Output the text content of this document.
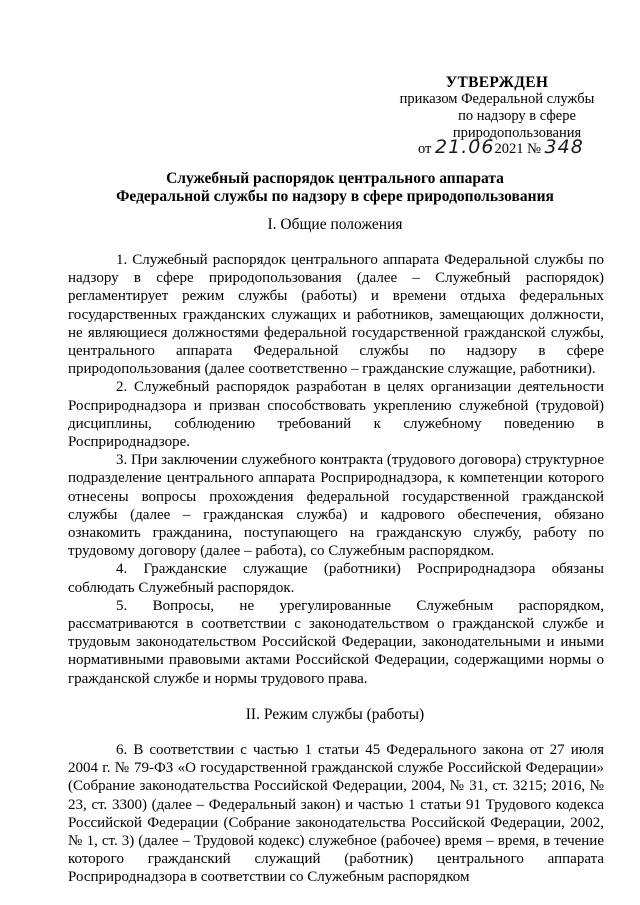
УТВЕРЖДЕН
приказом Федеральной службы
по надзору в сфере
природопользования
от 21.062021 № 348
Служебный распорядок центрального аппарата
Федеральной службы по надзору в сфере природопользования
I. Общие положения

1. Служебный распорядок центрального аппарата Федеральной службы по надзору в сфере природопользования (далее – Служебный распорядок) регламентирует режим службы (работы) и времени отдыха федеральных государственных гражданских служащих и работников, замещающих должности, не являющиеся должностями федеральной государственной гражданской службы, центрального аппарата Федеральной службы по надзору в сфере природопользования (далее соответственно – гражданские служащие, работники).

2. Служебный распорядок разработан в целях организации деятельности Росприроднадзора и призван способствовать укреплению служебной (трудовой) дисциплины, соблюдению требований к служебному поведению в Росприроднадзоре.

3. При заключении служебного контракта (трудового договора) структурное подразделение центрального аппарата Росприроднадзора, к компетенции которого отнесены вопросы прохождения федеральной государственной гражданской службы (далее – гражданская служба) и кадрового обеспечения, обязано ознакомить гражданина, поступающего на гражданскую службу, работу по трудовому договору (далее – работа), со Служебным распорядком.

4. Гражданские служащие (работники) Росприроднадзора обязаны соблюдать Служебный распорядок.

5. Вопросы, не урегулированные Служебным распорядком, рассматриваются в соответствии с законодательством о гражданской службе и трудовым законодательством Российской Федерации, законодательными и иными нормативными правовыми актами Российской Федерации, содержащими нормы о гражданской службе и нормы трудового права.

II. Режим службы (работы)

6. В соответствии с частью 1 статьи 45 Федерального закона от 27 июля 2004 г. № 79-ФЗ «О государственной гражданской службе Российской Федерации» (Собрание законодательства Российской Федерации, 2004, № 31, ст. 3215; 2016, № 23, ст. 3300) (далее – Федеральный закон) и частью 1 статьи 91 Трудового кодекса Российской Федерации (Собрание законодательства Российской Федерации, 2002, № 1, ст. 3) (далее – Трудовой кодекс) служебное (рабочее) время – время, в течение которого гражданский служащий (работник) центрального аппарата Росприроднадзора в соответствии со Служебным распорядком
